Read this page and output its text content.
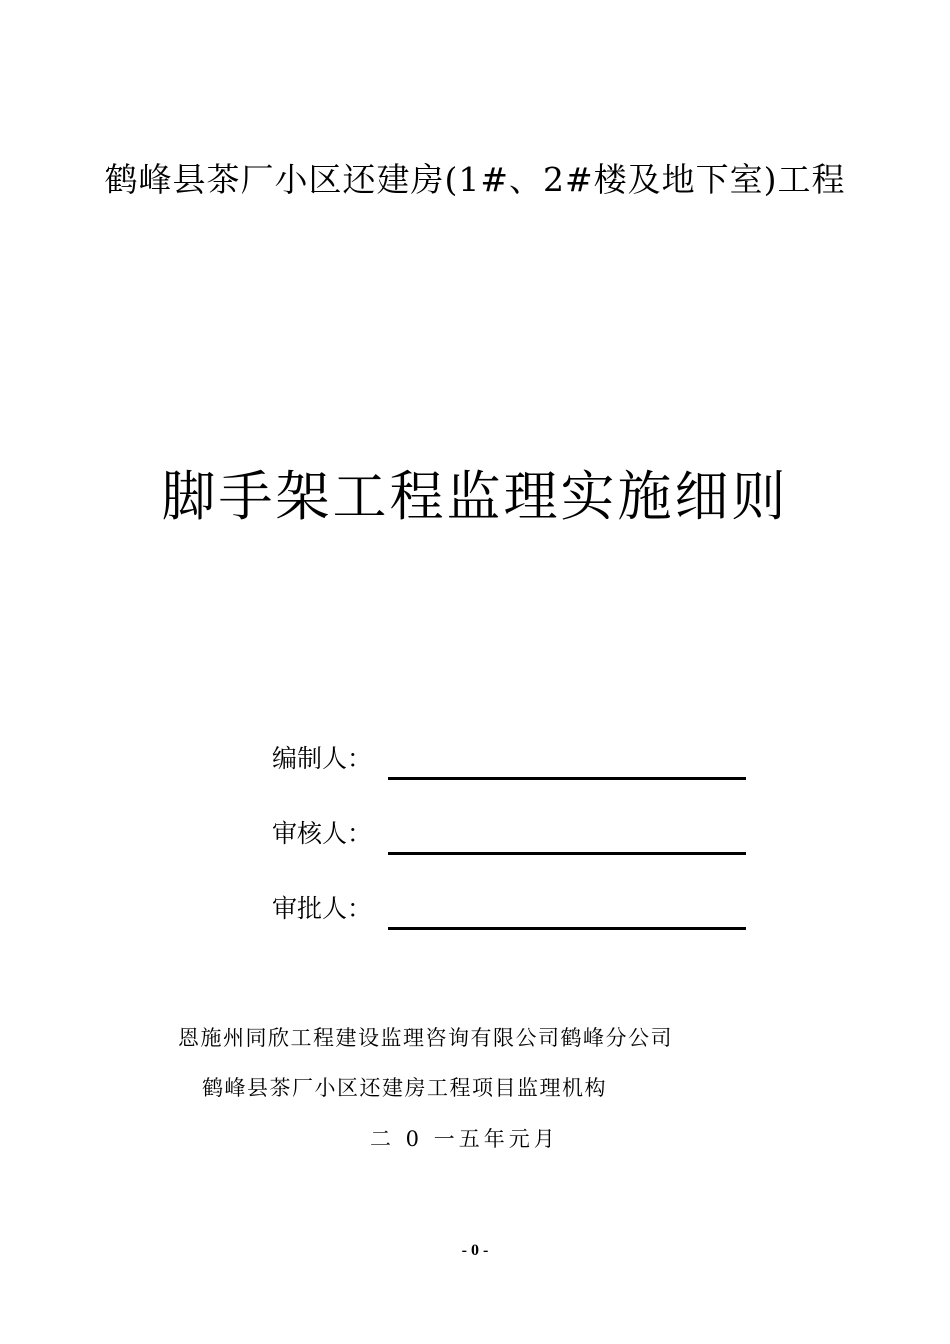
鹤峰县茶厂小区还建房(1#、2#楼及地下室)工程
脚手架工程监理实施细则
编制人：
审核人：
审批人：
恩施州同欣工程建设监理咨询有限公司鹤峰分公司
鹤峰县茶厂小区还建房工程项目监理机构
二 0 一五年元月
- 0 -
